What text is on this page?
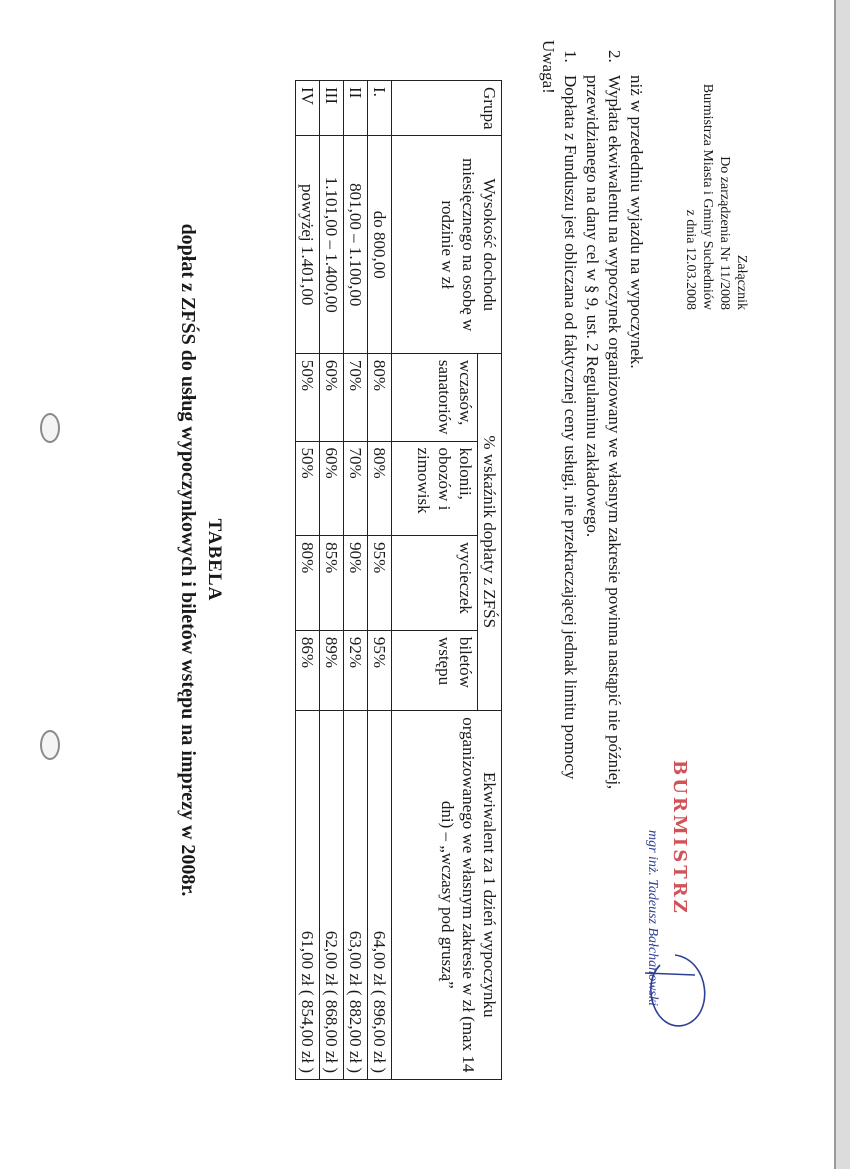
Załącznik
Do zarządzenia Nr 11/2008
Burmistrza Miasta i Gminy Suchedniów
z dnia 12.03.2008
TABELA
dopłat z ZFŚS do usług wypoczynkowych i biletów wstępu na imprezy w 2008r.
Grupa	Wysokość dochodu miesięcznego na osobę w rodzinie w zł	% wskaźnik dopłaty z ZFŚS				Ekwiwalent za 1 dzień wypoczynku organizowanego we własnym zakresie w zł (max 14 dni) – „wczasy pod gruszą”
		wczasów, sanatoriów	kolonii, obozów i zimowisk	wycieczek	biletów wstępu	
I.	do 800,00	80%	80%	95%	95%	64,00 zł ( 896,00 zł )
II	801,00 – 1.100,00	70%	70%	90%	92%	63,00 zł ( 882,00 zł )
III	1.101,00 – 1.400,00	60%	60%	85%	89%	62,00 zł ( 868,00 zł )
IV	powyżej 1.401,00	50%	50%	80%	86%	61,00 zł ( 854,00 zł )
BURMISTRZ
mgr inż. Tadeusz Bałchanowski
Uwaga! 1.
Dopłata z Funduszu jest obliczana od faktycznej ceny usługi, nie przekraczającej jednak limitu pomocy przewidzianego na dany cel w § 9, ust. 2 Regulaminu zakładowego.
2.
Wypłata ekwiwalentu na wypoczynek organizowany we własnym zakresie powinna nastąpić nie później, niż w przededniu wyjazdu na wypoczynek.
